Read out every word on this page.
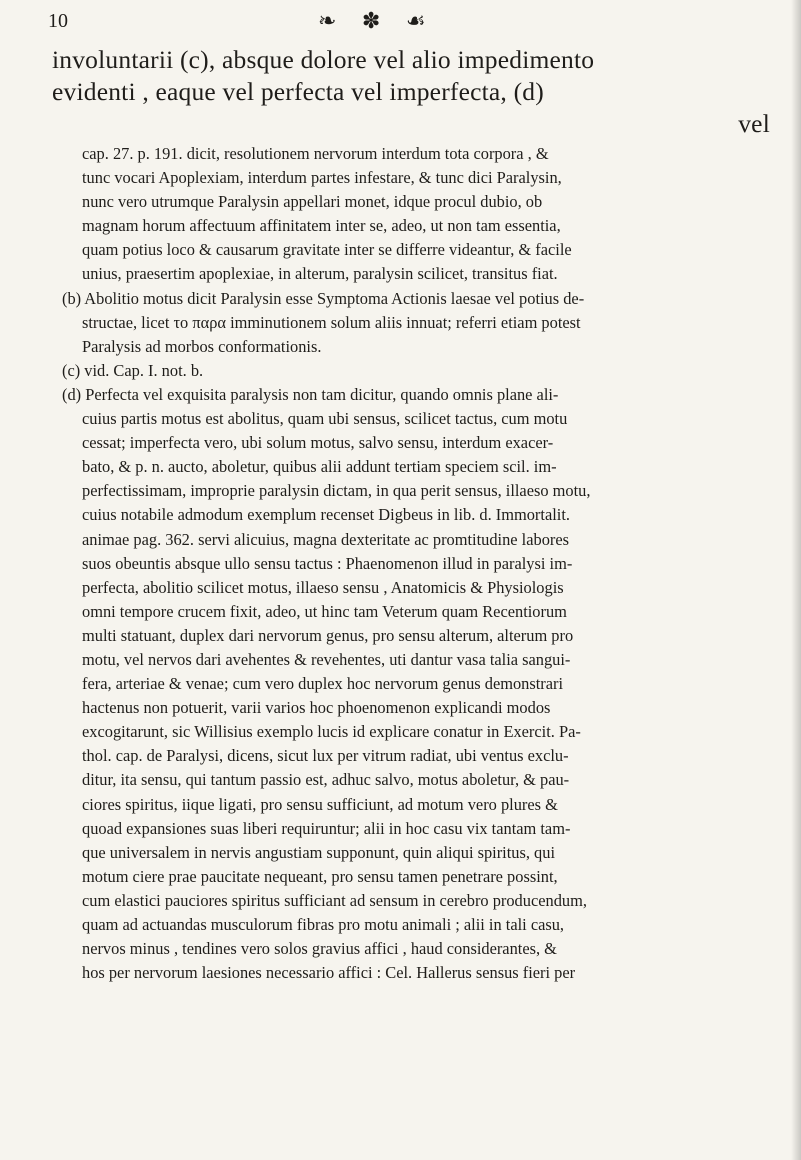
10	❧ ✽ ☙
involuntarii (c), absque dolore vel alio impedimento
evidenti , eaque vel perfecta vel imperfecta, (d)
vel
cap. 27. p. 191. dicit, resolutionem nervorum interdum tota corpora , &
tunc vocari Apoplexiam, interdum partes infestare, & tunc dici Paralysin,
nunc vero utrumque Paralysin appellari monet, idque procul dubio, ob
magnam horum affectuum affinitatem inter se, adeo, ut non tam essentia,
quam potius loco & causarum gravitate inter se differre videantur, & facile
unius, praesertim apoplexiae, in alterum, paralysin scilicet, transitus fiat.
(b) Abolitio motus dicit Paralysin esse Symptoma Actionis laesae vel potius de-
structae, licet το παρα imminutionem solum aliis innuat; referri etiam potest
Paralysis ad morbos conformationis.
(c) vid. Cap. I. not. b.
(d) Perfecta vel exquisita paralysis non tam dicitur, quando omnis plane ali-
cuius partis motus est abolitus, quam ubi sensus, scilicet tactus, cum motu
cessat; imperfecta vero, ubi solum motus, salvo sensu, interdum exacer-
bato, & p. n. aucto, aboletur, quibus alii addunt tertiam speciem scil. im-
perfectissimam, improprie paralysin dictam, in qua perit sensus, illaeso motu,
cuius notabile admodum exemplum recenset Digbeus in lib. d. Immortalit.
animae pag. 362. servi alicuius, magna dexteritate ac promtitudine labores
suos obeuntis absque ullo sensu tactus : Phaenomenon illud in paralysi im-
perfecta, abolitio scilicet motus, illaeso sensu , Anatomicis & Physiologis
omni tempore crucem fixit, adeo, ut hinc tam Veterum quam Recentiorum
multi statuant, duplex dari nervorum genus, pro sensu alterum, alterum pro
motu, vel nervos dari avehentes & revehentes, uti dantur vasa talia sangui-
fera, arteriae & venae; cum vero duplex hoc nervorum genus demonstrari
hactenus non potuerit, varii varios hoc phoenomenon explicandi modos
excogitarunt, sic Willisius exemplo lucis id explicare conatur in Exercit. Pa-
thol. cap. de Paralysi, dicens, sicut lux per vitrum radiat, ubi ventus exclu-
ditur, ita sensu, qui tantum passio est, adhuc salvo, motus aboletur, & pau-
ciores spiritus, iique ligati, pro sensu sufficiunt, ad motum vero plures &
quoad expansiones suas liberi requiruntur; alii in hoc casu vix tantam tam-
que universalem in nervis angustiam supponunt, quin aliqui spiritus, qui
motum ciere prae paucitate nequeant, pro sensu tamen penetrare possint,
cum elastici pauciores spiritus sufficiant ad sensum in cerebro producendum,
quam ad actuandas musculorum fibras pro motu animali ; alii in tali casu,
nervos minus , tendines vero solos gravius affici , haud considerantes, &
hos per nervorum laesiones necessario affici : Cel. Hallerus sensus fieri per
